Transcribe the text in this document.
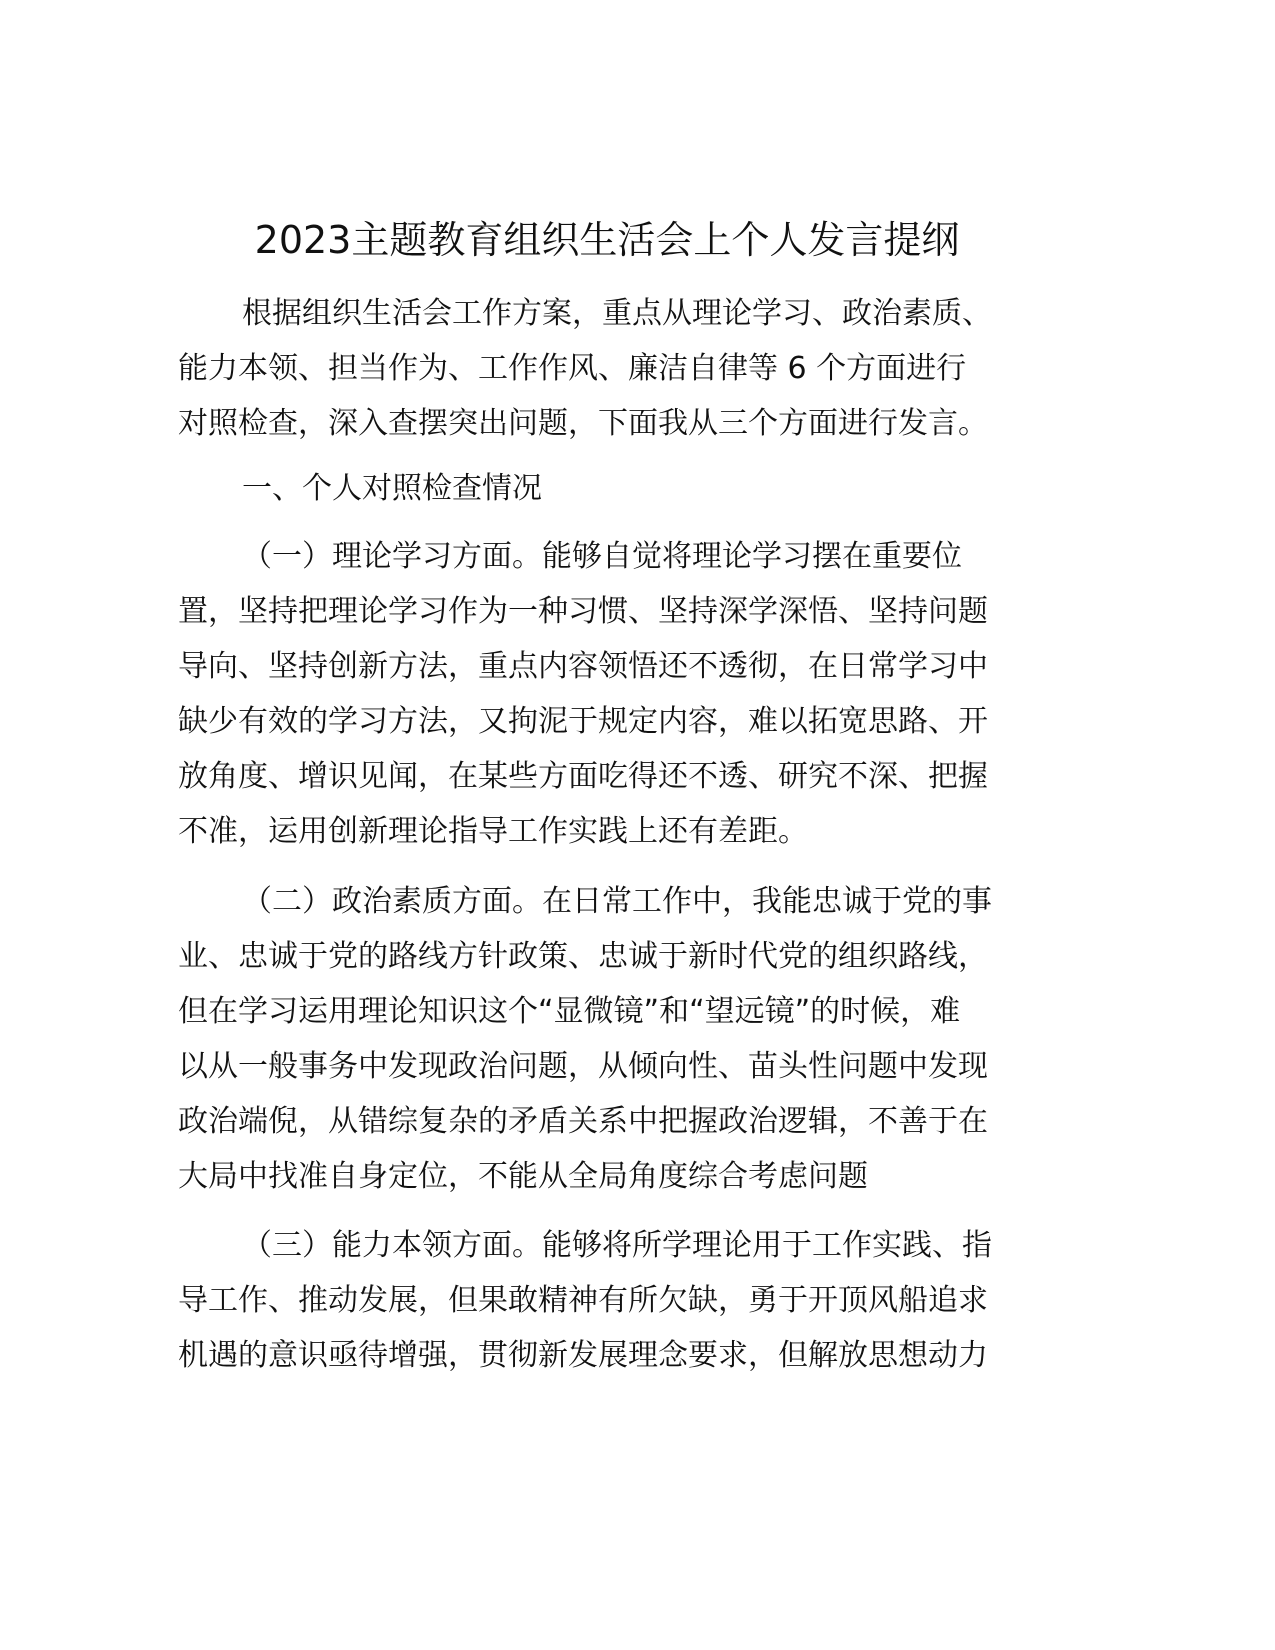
2023主题教育组织生活会上个人发言提纲
根据组织生活会工作方案，重点从理论学习、政治素质、
能力本领、担当作为、工作作风、廉洁自律等 6 个方面进行
对照检查，深入查摆突出问题，下面我从三个方面进行发言。
一、个人对照检查情况
（一）理论学习方面。能够自觉将理论学习摆在重要位
置，坚持把理论学习作为一种习惯、坚持深学深悟、坚持问题
导向、坚持创新方法，重点内容领悟还不透彻，在日常学习中
缺少有效的学习方法，又拘泥于规定内容，难以拓宽思路、开
放角度、增识见闻，在某些方面吃得还不透、研究不深、把握
不准，运用创新理论指导工作实践上还有差距。
（二）政治素质方面。在日常工作中，我能忠诚于党的事
业、忠诚于党的路线方针政策、忠诚于新时代党的组织路线，
但在学习运用理论知识这个“显微镜”和“望远镜”的时候，难
以从一般事务中发现政治问题，从倾向性、苗头性问题中发现
政治端倪，从错综复杂的矛盾关系中把握政治逻辑，不善于在
大局中找准自身定位，不能从全局角度综合考虑问题
（三）能力本领方面。能够将所学理论用于工作实践、指
导工作、推动发展，但果敢精神有所欠缺，勇于开顶风船追求
机遇的意识亟待增强，贯彻新发展理念要求，但解放思想动力
